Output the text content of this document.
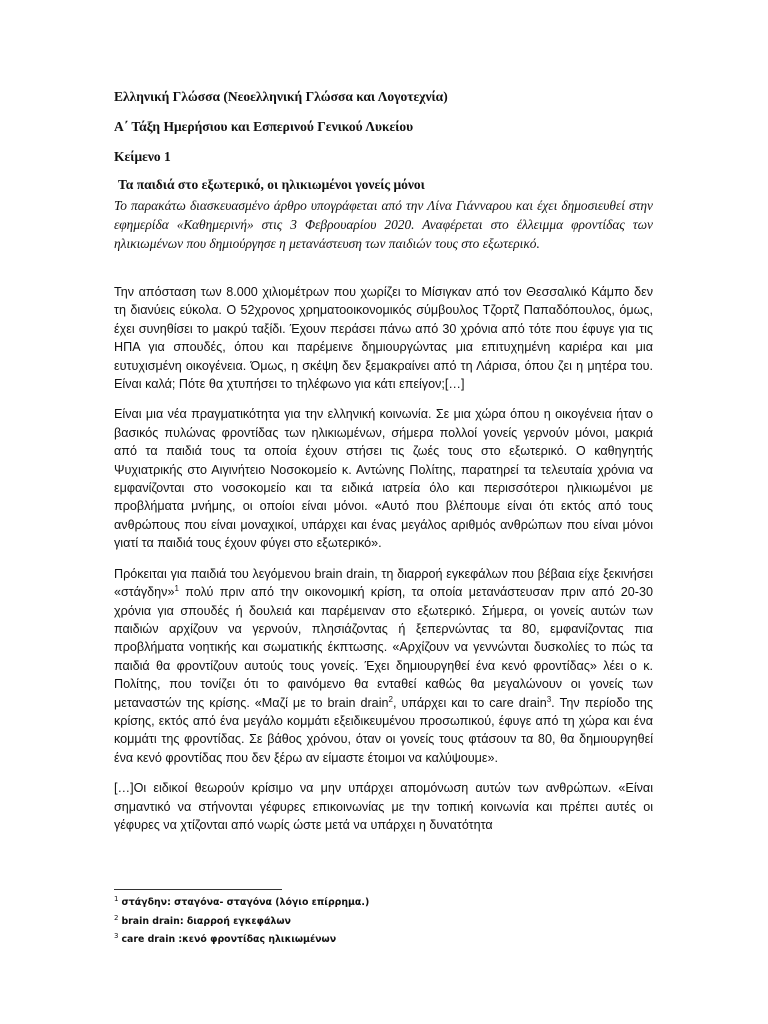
Ελληνική Γλώσσα (Νεοελληνική Γλώσσα και Λογοτεχνία)

Α΄ Τάξη Ημερήσιου και Εσπερινού Γενικού Λυκείου

Κείμενο 1

Τα παιδιά στο εξωτερικό, οι ηλικιωμένοι γονείς μόνοι

Το παρακάτω διασκευασμένο άρθρο υπογράφεται από την Λίνα Γιάνναρου και έχει δημοσιευθεί στην εφημερίδα «Καθημερινή» στις 3 Φεβρουαρίου 2020. Αναφέρεται στο έλλειμμα φροντίδας των ηλικιωμένων που δημιούργησε η μετανάστευση των παιδιών τους στο εξωτερικό.

Την απόσταση των 8.000 χιλιομέτρων που χωρίζει το Μίσιγκαν από τον Θεσσαλικό Κάμπο δεν τη διανύεις εύκολα. Ο 52χρονος χρηματοοικονομικός σύμβουλος Τζορτζ Παπαδόπουλος, όμως, έχει συνηθίσει το μακρύ ταξίδι. Έχουν περάσει πάνω από 30 χρόνια από τότε που έφυγε για τις ΗΠΑ για σπουδές, όπου και παρέμεινε δημιουργώντας μια επιτυχημένη καριέρα και μια ευτυχισμένη οικογένεια. Όμως, η σκέψη δεν ξεμακραίνει από τη Λάρισα, όπου ζει η μητέρα του. Είναι καλά; Πότε θα χτυπήσει το τηλέφωνο για κάτι επείγον;[…]

Είναι μια νέα πραγματικότητα για την ελληνική κοινωνία. Σε μια χώρα όπου η οικογένεια ήταν ο βασικός πυλώνας φροντίδας των ηλικιωμένων, σήμερα πολλοί γονείς γερνούν μόνοι, μακριά από τα παιδιά τους τα οποία έχουν στήσει τις ζωές τους στο εξωτερικό. Ο καθηγητής Ψυχιατρικής στο Αιγινήτειο Νοσοκομείο κ. Αντώνης Πολίτης, παρατηρεί τα τελευταία χρόνια να εμφανίζονται στο νοσοκομείο και τα ειδικά ιατρεία όλο και περισσότεροι ηλικιωμένοι με προβλήματα μνήμης, οι οποίοι είναι μόνοι. «Αυτό που βλέπουμε είναι ότι εκτός από τους ανθρώπους που είναι μοναχικοί, υπάρχει και ένας μεγάλος αριθμός ανθρώπων που είναι μόνοι γιατί τα παιδιά τους έχουν φύγει στο εξωτερικό».

Πρόκειται για παιδιά του λεγόμενου brain drain, τη διαρροή εγκεφάλων που βέβαια είχε ξεκινήσει «στάγδην»$^1$ πολύ πριν από την οικονομική κρίση, τα οποία μετανάστευσαν πριν από 20-30 χρόνια για σπουδές ή δουλειά και παρέμειναν στο εξωτερικό. Σήμερα, οι γονείς αυτών των παιδιών αρχίζουν να γερνούν, πλησιάζοντας ή ξεπερνώντας τα 80, εμφανίζοντας πια προβλήματα νοητικής και σωματικής έκπτωσης. «Αρχίζουν να γεννώνται δυσκολίες το πώς τα παιδιά θα φροντίζουν αυτούς τους γονείς. Έχει δημιουργηθεί ένα κενό φροντίδας» λέει ο κ. Πολίτης, που τονίζει ότι το φαινόμενο θα ενταθεί καθώς θα μεγαλώνουν οι γονείς των μεταναστών της κρίσης. «Μαζί με το brain drain$^2$, υπάρχει και το care drain$^3$. Την περίοδο της κρίσης, εκτός από ένα μεγάλο κομμάτι εξειδικευμένου προσωπικού, έφυγε από τη χώρα και ένα κομμάτι της φροντίδας. Σε βάθος χρόνου, όταν οι γονείς τους φτάσουν τα 80, θα δημιουργηθεί ένα κενό φροντίδας που δεν ξέρω αν είμαστε έτοιμοι να καλύψουμε».

[…]Οι ειδικοί θεωρούν κρίσιμο να μην υπάρχει απομόνωση αυτών των ανθρώπων. «Είναι σημαντικό να στήνονται γέφυρες επικοινωνίας με την τοπική κοινωνία και πρέπει αυτές οι γέφυρες να χτίζονται από νωρίς ώστε μετά να υπάρχει η δυνατότητα

$^1$ στάγδην: σταγόνα- σταγόνα (λόγιο επίρρημα.)

$^2$ brain drain: διαρροή εγκεφάλων

$^3$ care drain :κενό φροντίδας ηλικιωμένων
